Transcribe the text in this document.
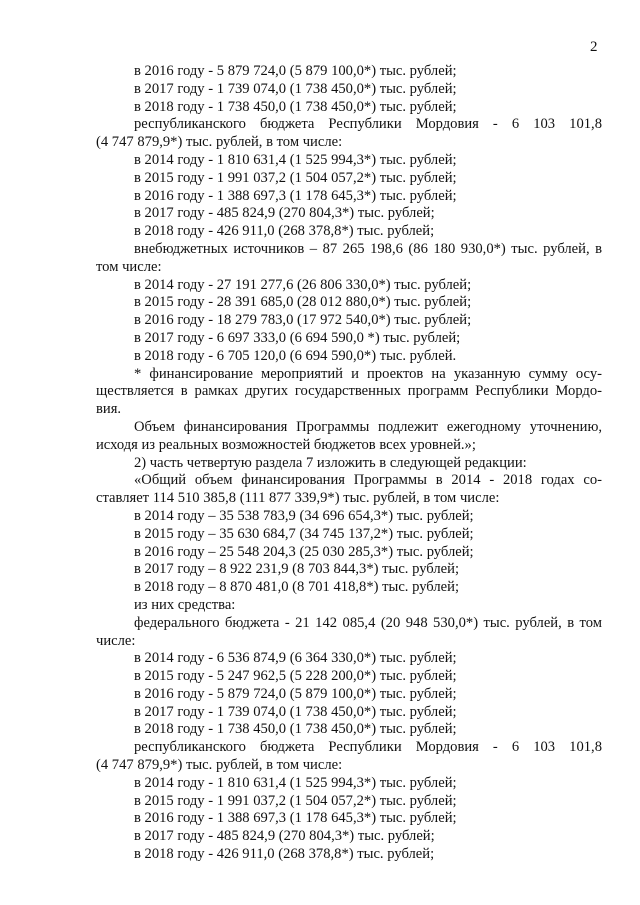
2

в 2016 году - 5 879 724,0 (5 879 100,0*) тыс. рублей;

в 2017 году - 1 739 074,0 (1 738 450,0*) тыс. рублей;

в 2018 году - 1 738 450,0 (1 738 450,0*) тыс. рублей;

республиканского бюджета Республики Мордовия - 6 103 101,8

(4 747 879,9*) тыс. рублей, в том числе:

в 2014 году - 1 810 631,4 (1 525 994,3*) тыс. рублей;

в 2015 году - 1 991 037,2 (1 504 057,2*) тыс. рублей;

в 2016 году - 1 388 697,3 (1 178 645,3*) тыс. рублей;

в 2017 году - 485 824,9 (270 804,3*) тыс. рублей;

в 2018 году - 426 911,0 (268 378,8*) тыс. рублей;

внебюджетных источников – 87 265 198,6 (86 180 930,0*) тыс. рублей, в

том числе:

в 2014 году - 27 191 277,6 (26 806 330,0*) тыс. рублей;

в 2015 году - 28 391 685,0 (28 012 880,0*) тыс. рублей;

в 2016 году - 18 279 783,0 (17 972 540,0*) тыс. рублей;

в 2017 году - 6 697 333,0 (6 694 590,0 *) тыс. рублей;

в 2018 году - 6 705 120,0 (6 694 590,0*) тыс. рублей.

* финансирование мероприятий и проектов на указанную сумму осу-

ществляется в рамках других государственных программ Республики Мордо-

вия.

Объем финансирования Программы подлежит ежегодному уточнению,

исходя из реальных возможностей бюджетов всех уровней.»;

2) часть четвертую раздела 7 изложить в следующей редакции:

«Общий объем финансирования Программы в 2014 - 2018 годах со-

ставляет 114 510 385,8 (111 877 339,9*) тыс. рублей, в том числе:

в 2014 году – 35 538 783,9 (34 696 654,3*) тыс. рублей;

в 2015 году – 35 630 684,7 (34 745 137,2*) тыс. рублей;

в 2016 году – 25 548 204,3 (25 030 285,3*) тыс. рублей;

в 2017 году – 8 922 231,9 (8 703 844,3*) тыс. рублей;

в 2018 году – 8 870 481,0 (8 701 418,8*) тыс. рублей;

из них средства:

федерального бюджета - 21 142 085,4 (20 948 530,0*) тыс. рублей, в том

числе:

в 2014 году - 6 536 874,9 (6 364 330,0*) тыс. рублей;

в 2015 году - 5 247 962,5 (5 228 200,0*) тыс. рублей;

в 2016 году - 5 879 724,0 (5 879 100,0*) тыс. рублей;

в 2017 году - 1 739 074,0 (1 738 450,0*) тыс. рублей;

в 2018 году - 1 738 450,0 (1 738 450,0*) тыс. рублей;

республиканского бюджета Республики Мордовия - 6 103 101,8

(4 747 879,9*) тыс. рублей, в том числе:

в 2014 году - 1 810 631,4 (1 525 994,3*) тыс. рублей;

в 2015 году - 1 991 037,2 (1 504 057,2*) тыс. рублей;

в 2016 году - 1 388 697,3 (1 178 645,3*) тыс. рублей;

в 2017 году - 485 824,9 (270 804,3*) тыс. рублей;

в 2018 году - 426 911,0 (268 378,8*) тыс. рублей;
